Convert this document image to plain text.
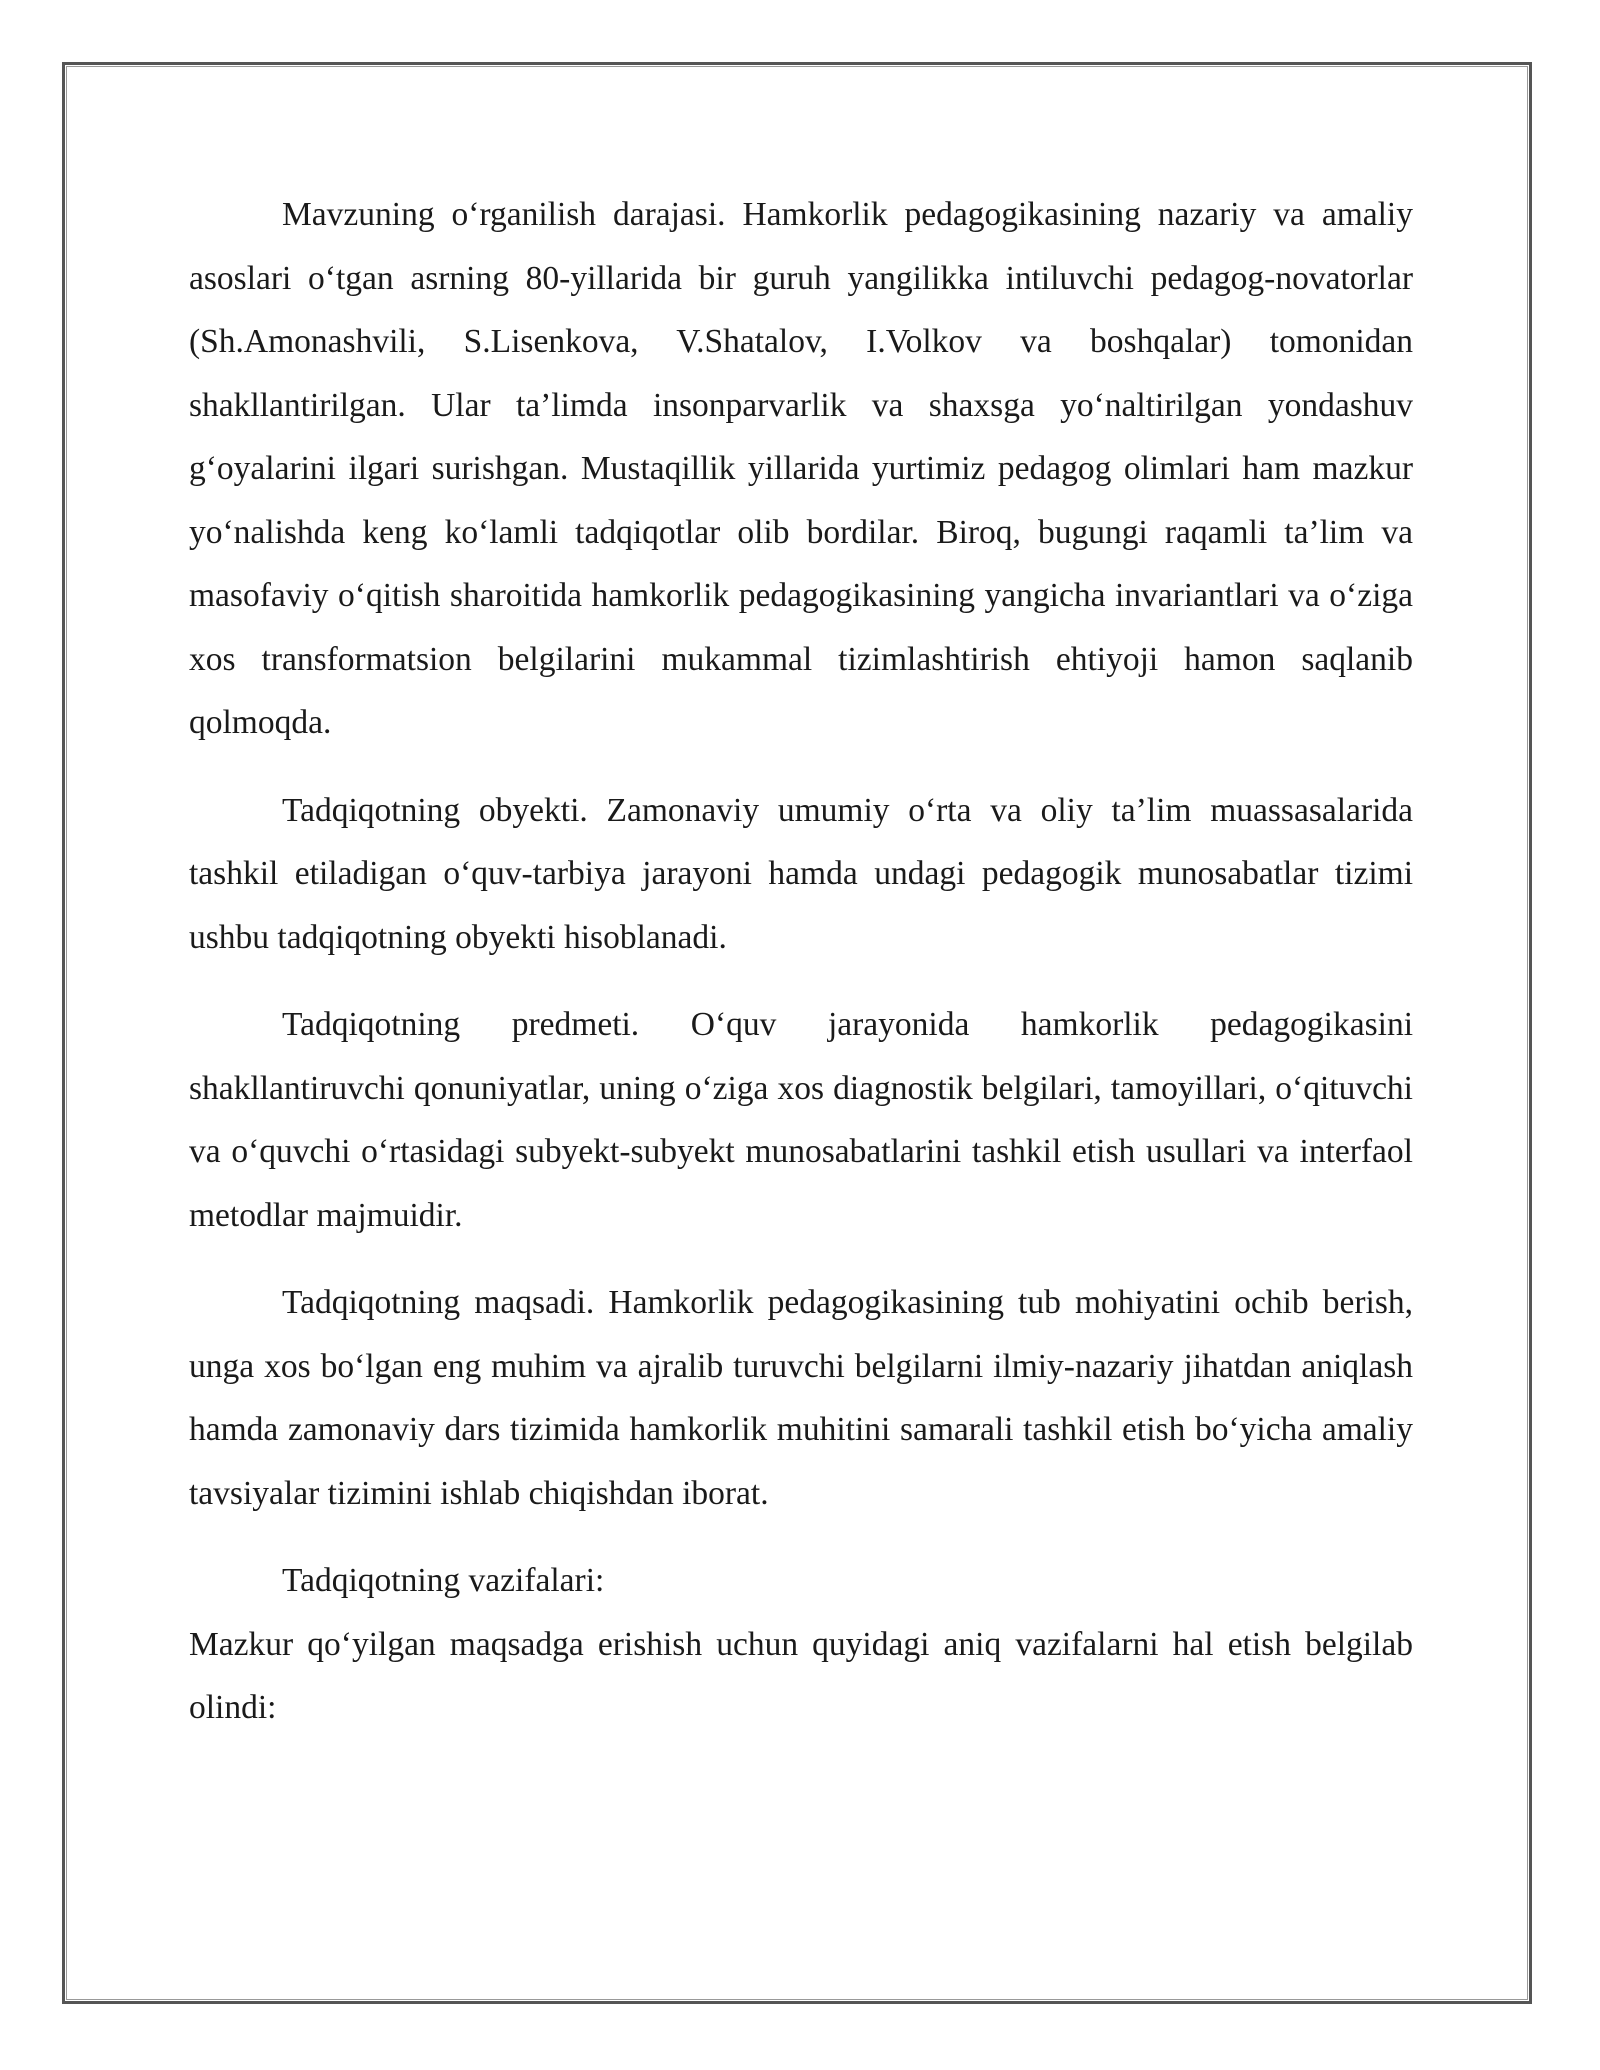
Mavzuning o‘rganilish darajasi. Hamkorlik pedagogikasining nazariy va amaliy asoslari o‘tgan asrning 80-yillarida bir guruh yangilikka intiluvchi pedagog-novatorlar (Sh.Amonashvili, S.Lisenkova, V.Shatalov, I.Volkov va boshqalar) tomonidan shakllantirilgan. Ular ta’limda insonparvarlik va shaxsga yo‘naltirilgan yondashuv g‘oyalarini ilgari surishgan. Mustaqillik yillarida yurtimiz pedagog olimlari ham mazkur yo‘nalishda keng ko‘lamli tadqiqotlar olib bordilar. Biroq, bugungi raqamli ta’lim va masofaviy o‘qitish sharoitida hamkorlik pedagogikasining yangicha invariantlari va o‘ziga xos transformatsion belgilarini mukammal tizimlashtirish ehtiyoji hamon saqlanib qolmoqda.

Tadqiqotning obyekti. Zamonaviy umumiy o‘rta va oliy ta’lim muassasalarida tashkil etiladigan o‘quv-tarbiya jarayoni hamda undagi pedagogik munosabatlar tizimi ushbu tadqiqotning obyekti hisoblanadi.

Tadqiqotning predmeti. O‘quv jarayonida hamkorlik pedagogikasini shakllantiruvchi qonuniyatlar, uning o‘ziga xos diagnostik belgilari, tamoyillari, o‘qituvchi va o‘quvchi o‘rtasidagi subyekt-subyekt munosabatlarini tashkil etish usullari va interfaol metodlar majmuidir.

Tadqiqotning maqsadi. Hamkorlik pedagogikasining tub mohiyatini ochib berish, unga xos bo‘lgan eng muhim va ajralib turuvchi belgilarni ilmiy-nazariy jihatdan aniqlash hamda zamonaviy dars tizimida hamkorlik muhitini samarali tashkil etish bo‘yicha amaliy tavsiyalar tizimini ishlab chiqishdan iborat.

Tadqiqotning vazifalari:

Mazkur qo‘yilgan maqsadga erishish uchun quyidagi aniq vazifalarni hal etish belgilab olindi:
